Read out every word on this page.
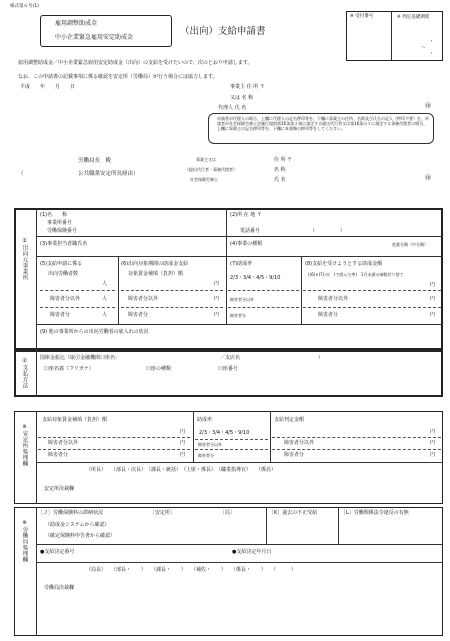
様式第６号(1)
雇用調整助成金
中小企業緊急雇用安定助成金
（出向）支給申請書
※ 受付番号	※ 判定基礎期間
・
～
・
雇用調整助成金／中小企業緊急雇用安定助成金（出向）の支給を受けたいので、次のとおり申請します。
なお、この申請書の記載事項に係る確認を安定所（労働局）が行う場合には協力します。
平成　　年　　月　　日	事業主 住 所 〒
又は 名 称
代理人 氏 名	㊞
申請者が代理人の場合、上欄に代理人の記名押印等を、下欄に事業主の住所、名称及び氏名の記入（押印不要）を、申請者が社会保険労務士法施行規則第16条第２項に規定する提出代行者又は第16条の３に規定する事務代理者の場合、上欄に事業主の記名押印等を、下欄に本書類の押印等をしてください。
労働局長　殿
（	公共職業安定所長経由）
事業主又は
（提出代行者・事務代理者）
社会保険労務士
住 所 〒
名 称
氏 名	㊞
①出向元事業所
(1)名　　称
事業所番号
労働保険番号
(2)所 在 地 〒
電話番号	（　　　　　）
(3)事業担当者職氏名	(4)事業の種類	産業分類（中分類）
(5)支給申請に係る
出向労働者数
人
障害者分以外	人
障害者分	人
(6)出向対象期間の助成金支給
対象賃金補填（負担）額
円
障害者分以外	円
障害者分	円
(7)助成率
2/3・3/4・4/5・9/10
障害者分以外
障害者分
(8)支給を受けようとする助成金額
((6)×(7)の(　)で囲んだ率)　1円未満の端数切り捨て
円
障害者分以外	円
障害者分	円
(9) 他の事業所からの出向労働者の雇入れの状況
②支払方法	国庫金振込（取引金融機関口座名：	／支店名	）
口座名義（フリガナ）	口座の種類	口座番号
※安定所処理欄
支給対象賃金補填（負担）額
円
障害者分以外	円
障害者分	円
助成率
2/3・3/4・4/5・9/10
障害者分以外
障害者分
支給判定金額
円
障害者分以外	円
障害者分	円
（所長）　　（部長・次長）　（課長・統括）　（上席・係長）　（職業指導官）　　（係員）
安定所決裁欄
※労働局処理欄
［Ｊ］労働保険料の滞納状況	［安定所］	［局］
（助成金システムから確認）
（確定保険料申告書から確認）
［K］過去の不正受給	［L］労働関係法令違反の有無
●支給決定番号	●支給決定年月日
（局長）　　（部長・　　）　　（課長・　　）　　（補佐・　　）　　（係長・　　）　　（　　　）
労働局決裁欄
